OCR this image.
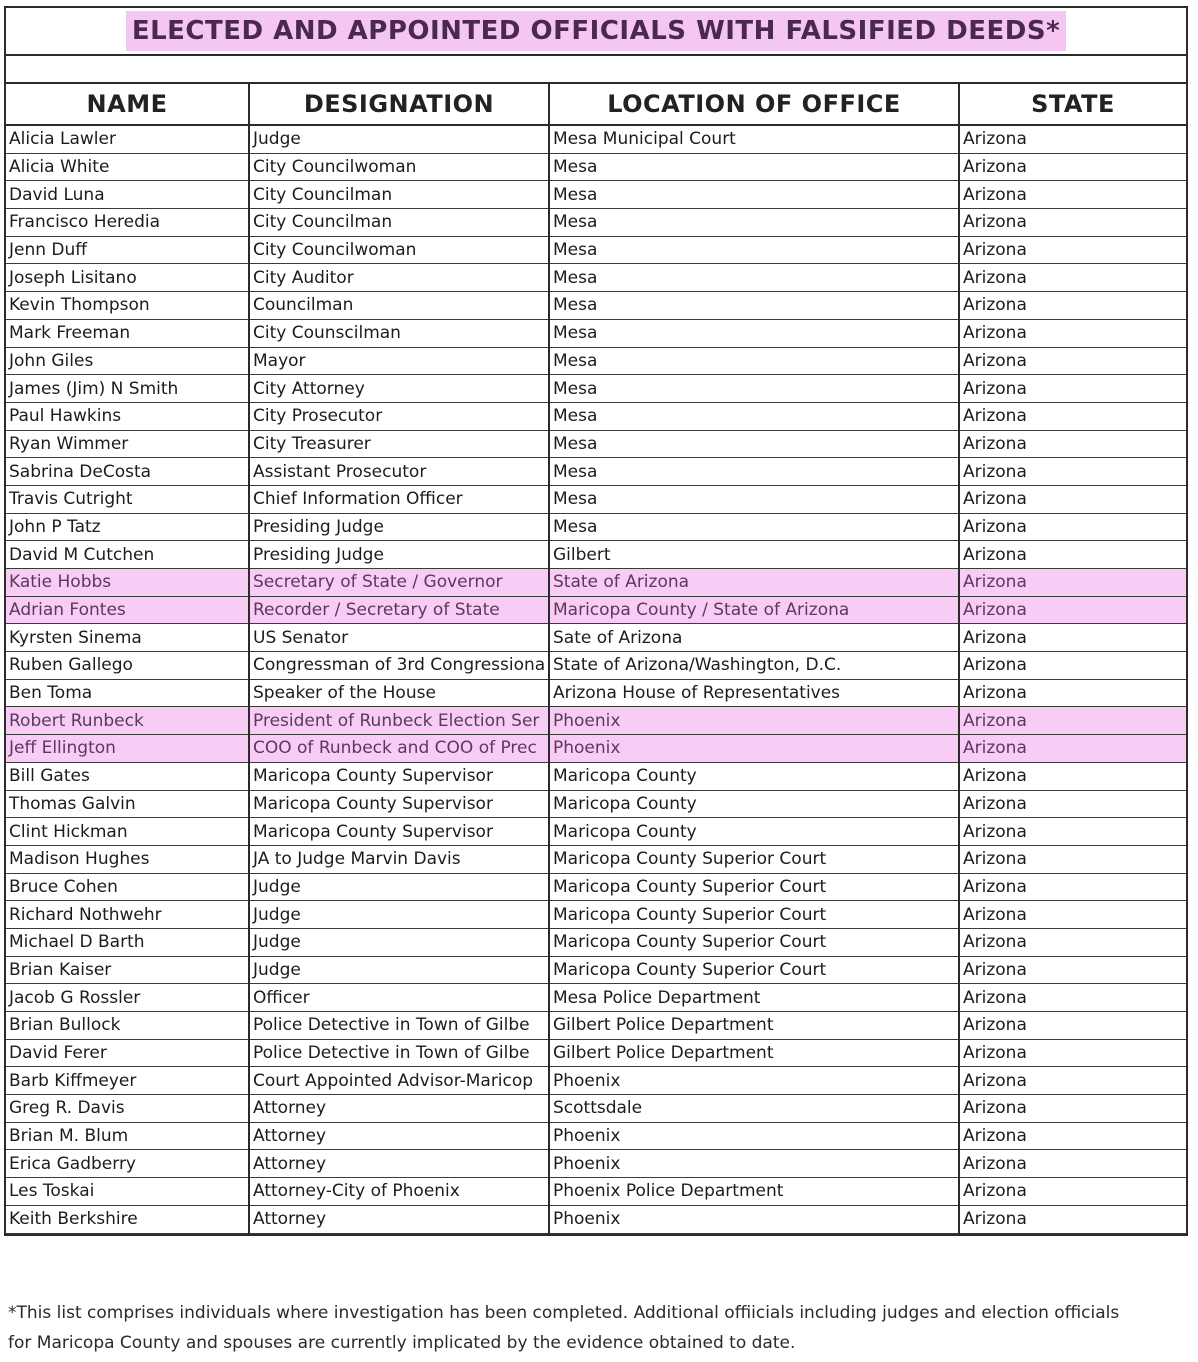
ELECTED AND APPOINTED OFFICIALS WITH FALSIFIED DEEDS*
NAME	DESIGNATION	LOCATION OF OFFICE	STATE
Alicia Lawler	Judge	Mesa Municipal Court	Arizona
Alicia White	City Councilwoman	Mesa	Arizona
David Luna	City Councilman	Mesa	Arizona
Francisco Heredia	City Councilman	Mesa	Arizona
Jenn Duff	City Councilwoman	Mesa	Arizona
Joseph Lisitano	City Auditor	Mesa	Arizona
Kevin Thompson	Councilman	Mesa	Arizona
Mark Freeman	City Counscilman	Mesa	Arizona
John Giles	Mayor	Mesa	Arizona
James (Jim) N Smith	City Attorney	Mesa	Arizona
Paul Hawkins	City Prosecutor	Mesa	Arizona
Ryan Wimmer	City Treasurer	Mesa	Arizona
Sabrina DeCosta	Assistant Prosecutor	Mesa	Arizona
Travis Cutright	Chief Information Officer	Mesa	Arizona
John P Tatz	Presiding Judge	Mesa	Arizona
David M Cutchen	Presiding Judge	Gilbert	Arizona
Katie Hobbs	Secretary of State / Governor	State of Arizona	Arizona
Adrian Fontes	Recorder / Secretary of State	Maricopa County / State of Arizona	Arizona
Kyrsten Sinema	US Senator	Sate of Arizona	Arizona
Ruben Gallego	Congressman of 3rd Congressiona	State of Arizona/Washington, D.C.	Arizona
Ben Toma	Speaker of the House	Arizona House of Representatives	Arizona
Robert Runbeck	President of Runbeck Election Ser	Phoenix	Arizona
Jeff Ellington	COO of Runbeck and COO of Prec	Phoenix	Arizona
Bill Gates	Maricopa County Supervisor	Maricopa County	Arizona
Thomas Galvin	Maricopa County Supervisor	Maricopa County	Arizona
Clint Hickman	Maricopa County Supervisor	Maricopa County	Arizona
Madison Hughes	JA to Judge Marvin Davis	Maricopa County Superior Court	Arizona
Bruce Cohen	Judge	Maricopa County Superior Court	Arizona
Richard Nothwehr	Judge	Maricopa County Superior Court	Arizona
Michael D Barth	Judge	Maricopa County Superior Court	Arizona
Brian Kaiser	Judge	Maricopa County Superior Court	Arizona
Jacob G Rossler	Officer	Mesa Police Department	Arizona
Brian Bullock	Police Detective in Town of Gilbe	Gilbert Police Department	Arizona
David Ferer	Police Detective in Town of Gilbe	Gilbert Police Department	Arizona
Barb Kiffmeyer	Court Appointed Advisor-Maricop	Phoenix	Arizona
Greg R. Davis	Attorney	Scottsdale	Arizona
Brian M. Blum	Attorney	Phoenix	Arizona
Erica Gadberry	Attorney	Phoenix	Arizona
Les Toskai	Attorney-City of Phoenix	Phoenix Police Department	Arizona
Keith Berkshire	Attorney	Phoenix	Arizona
*This list comprises individuals where investigation has been completed. Additional offiicials including judges and election officials
for Maricopa County and spouses are currently implicated by the evidence obtained to date.
